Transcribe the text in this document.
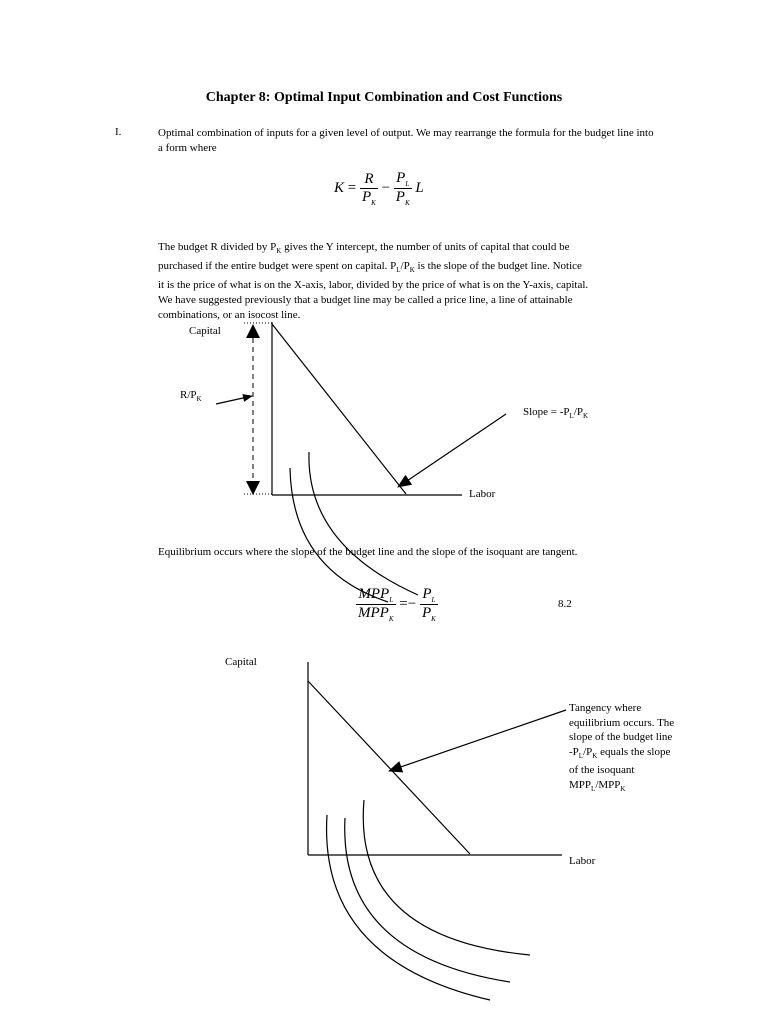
Chapter 8: Optimal Input Combination and Cost Functions
I.	Optimal combination of inputs for a given level of output. We may rearrange the formula for the budget line into a form where
$K = \frac{R}{P_K} - \frac{P_L}{P_K}$ L
The budget R divided by $P_K$ gives the Y intercept, the number of units of capital that could be
purchased if the entire budget were spent on capital. $P_L/P_K$ is the slope of the budget line. Notice
it is the price of what is on the X-axis, labor, divided by the price of what is on the Y-axis, capital.
We have suggested previously that a budget line may be called a price line, a line of attainable
combinations, or an isocost line.
Capital
Labor
$R/P_K$
Slope = $-P_L/P_K$
Equilibrium occurs where the slope of the budget line and the slope of the isoquant are tangent.
$\frac{MPP_L}{MPP_K} =- \frac{P_L}{P_K}$	8.2
Capital
Labor
Tangency where
equilibrium occurs. The
slope of the budget line
$-P_L/P_K$ equals the slope
of the isoquant
$MPP_L/MPP_K$
